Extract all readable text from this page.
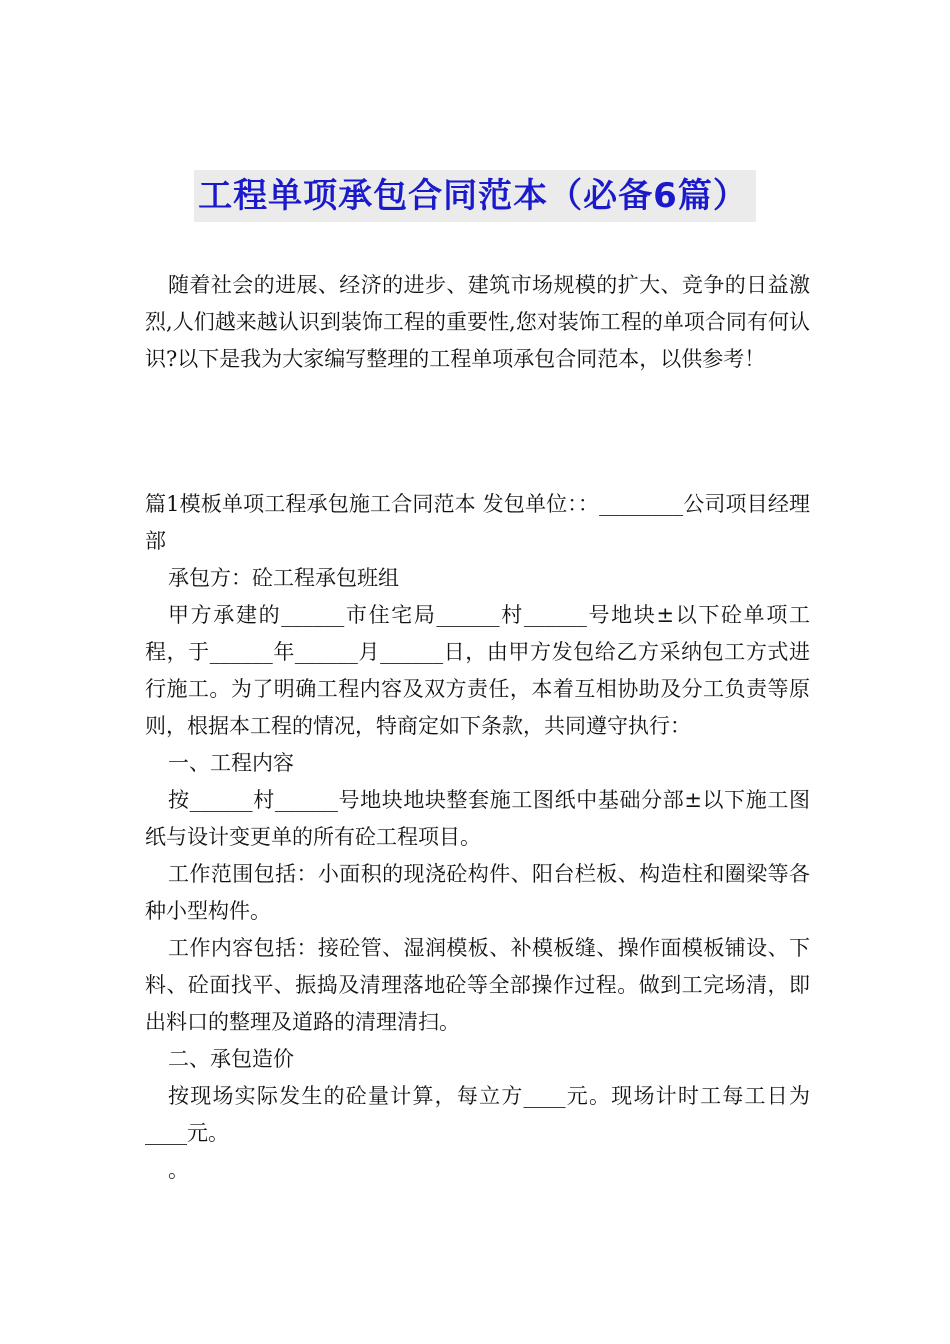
工程单项承包合同范本（必备6篇）

随着社会的进展、经济的进步、建筑市场规模的扩大、竞争的日益激烈,人们越来越认识到装饰工程的重要性,您对装饰工程的单项合同有何认识?以下是我为大家编写整理的工程单项承包合同范本，以供参考！

篇1模板单项工程承包施工合同范本 发包单位：：________公司项目经理部

承包方：砼工程承包班组

甲方承建的______市住宅局______村______号地块±以下砼单项工程，于______年______月______日，由甲方发包给乙方采纳包工方式进行施工。为了明确工程内容及双方责任，本着互相协助及分工负责等原则，根据本工程的情况，特商定如下条款，共同遵守执行：

一、工程内容

按______村______号地块地块整套施工图纸中基础分部±以下施工图纸与设计变更单的所有砼工程项目。

工作范围包括：小面积的现浇砼构件、阳台栏板、构造柱和圈梁等各种小型构件。

工作内容包括：接砼管、湿润模板、补模板缝、操作面模板铺设、下料、砼面找平、振捣及清理落地砼等全部操作过程。做到工完场清，即出料口的整理及道路的清理清扫。

二、承包造价

按现场实际发生的砼量计算，每立方____元。现场计时工每工日为____元。

。
